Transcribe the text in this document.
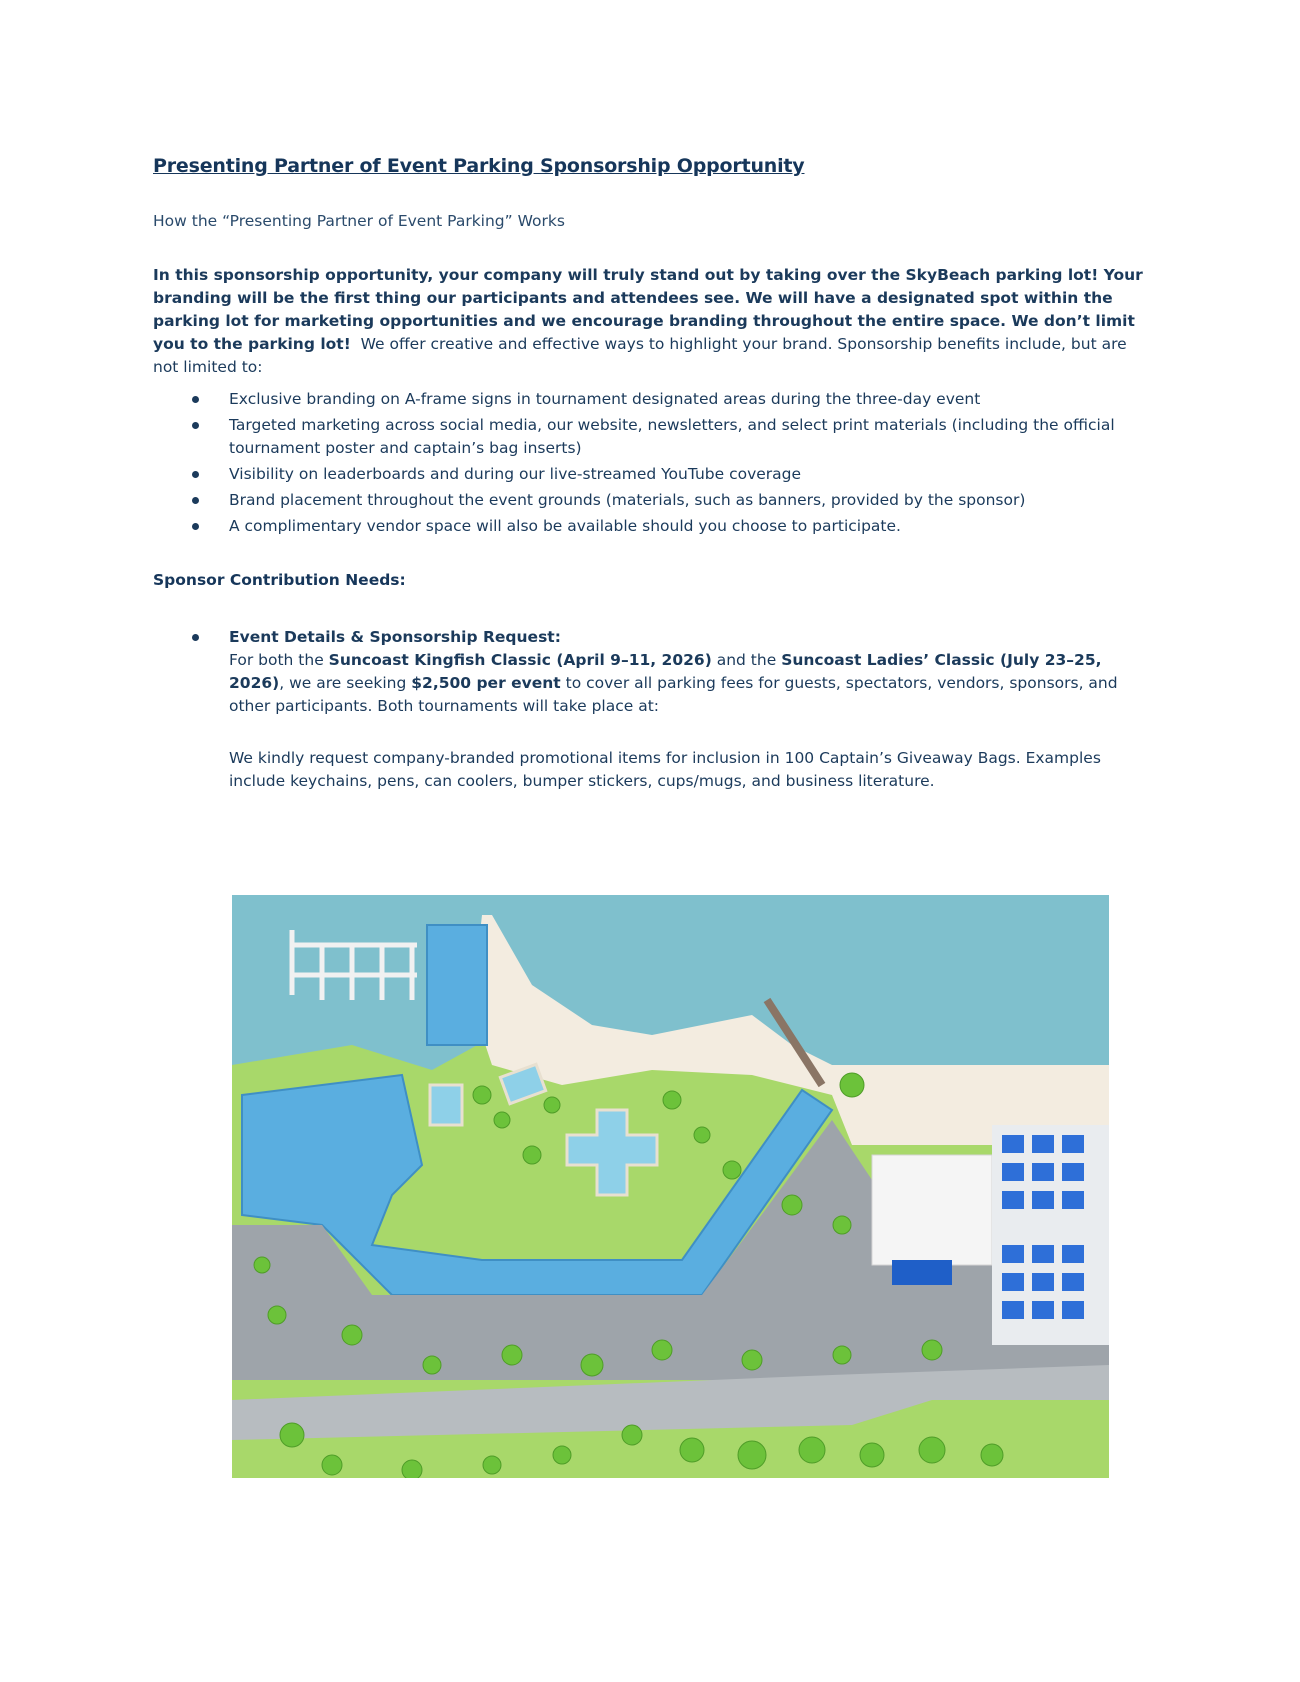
Presenting Partner of Event Parking Sponsorship Opportunity

How the “Presenting Partner of Event Parking” Works

In this sponsorship opportunity, your company will truly stand out by taking over the SkyBeach parking lot! Your branding will be the first thing our participants and attendees see. We will have a designated spot within the parking lot for marketing opportunities and we encourage branding throughout the entire space. We don’t limit you to the parking lot! We offer creative and effective ways to highlight your brand. Sponsorship benefits include, but are not limited to:

Exclusive branding on A-frame signs in tournament designated areas during the three-day event
Targeted marketing across social media, our website, newsletters, and select print materials (including the official tournament poster and captain’s bag inserts)
Visibility on leaderboards and during our live-streamed YouTube coverage
Brand placement throughout the event grounds (materials, such as banners, provided by the sponsor)
A complimentary vendor space will also be available should you choose to participate.

Sponsor Contribution Needs:

Event Details & Sponsorship Request:

For both the Suncoast Kingfish Classic (April 9–11, 2026) and the Suncoast Ladies’ Classic (July 23–25, 2026), we are seeking $2,500 per event to cover all parking fees for guests, spectators, vendors, sponsors, and other participants. Both tournaments will take place at:

We kindly request company-branded promotional items for inclusion in 100 Captain’s Giveaway Bags. Examples include keychains, pens, can coolers, bumper stickers, cups/mugs, and business literature.
